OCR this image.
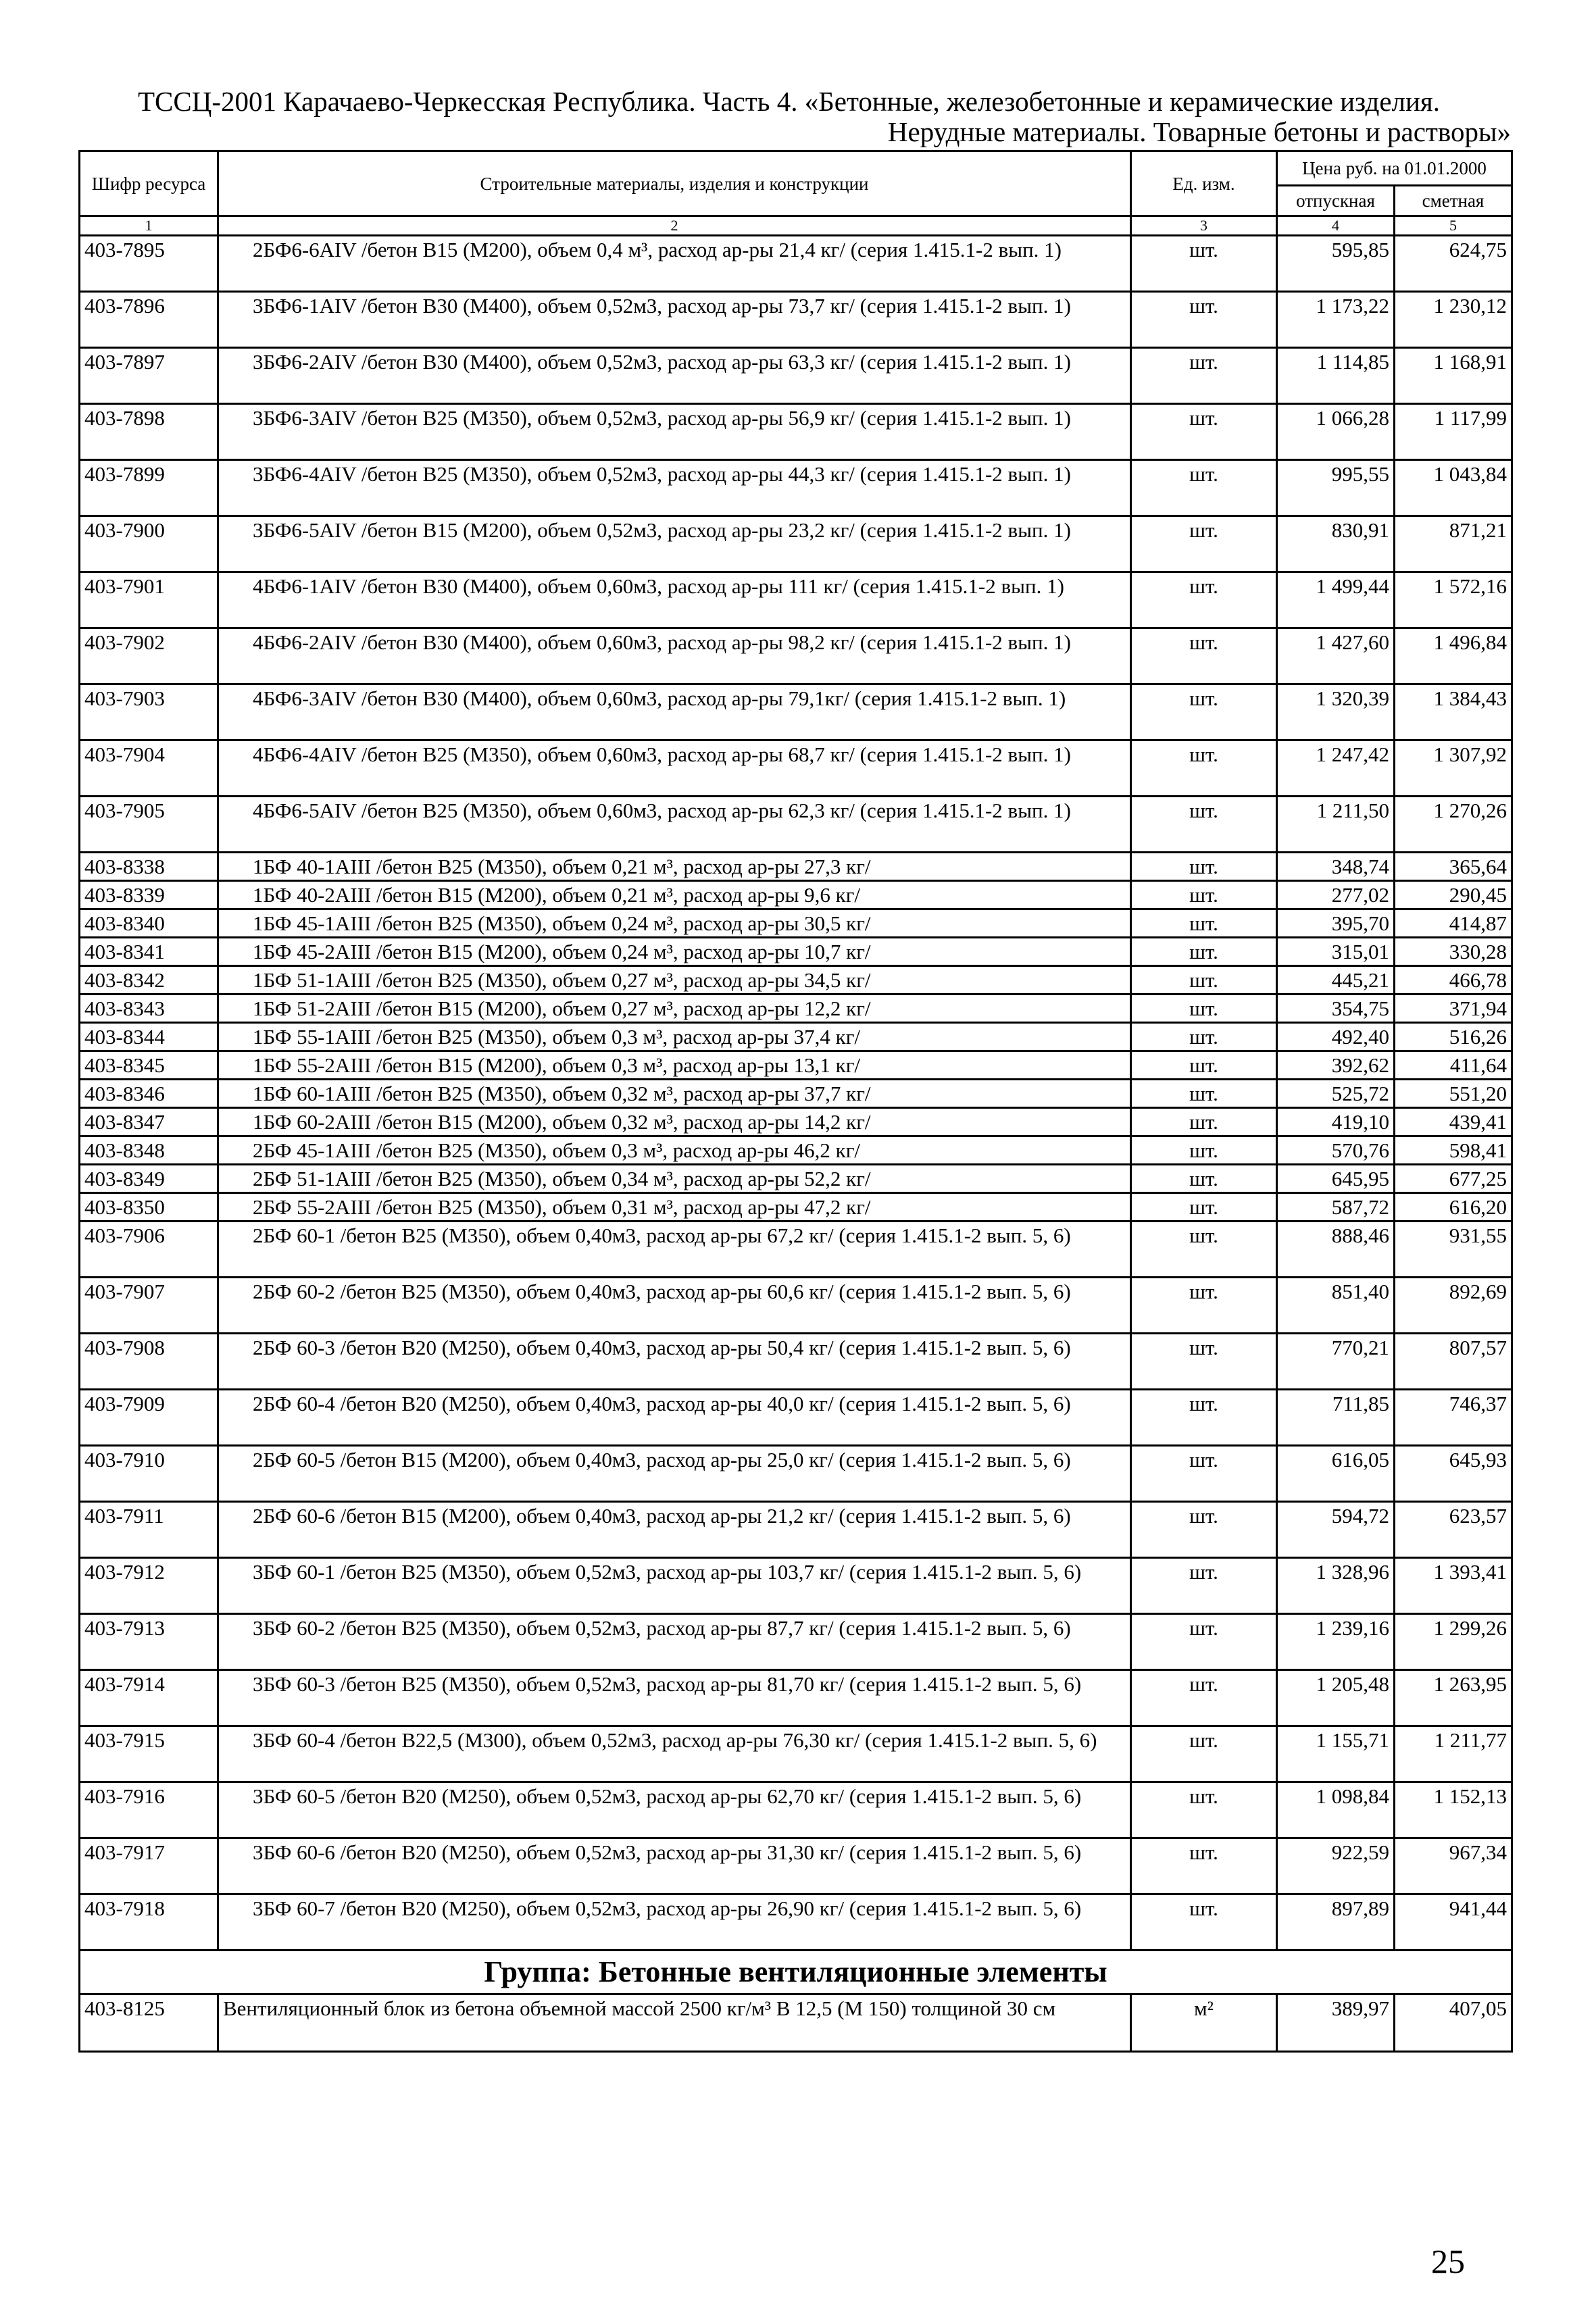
ТССЦ-2001 Карачаево-Черкесская Республика. Часть 4. «Бетонные, железобетонные и керамические изделия.
Нерудные материалы. Товарные бетоны и растворы»
Шифр ресурса	Строительные материалы, изделия и конструкции	Ед. изм.	Цена руб. на 01.01.2000	
			отпускная	сметная
1	2	3	4	5
403-7895	2БФ6-6AIV /бетон B15 (М200), объем 0,4 м³, расход ар-ры 21,4 кг/ (серия 1.415.1-2 вып. 1)	шт.	595,85	624,75
403-7896	3БФ6-1AIV /бетон B30 (М400), объем 0,52м3, расход ар-ры 73,7 кг/ (серия 1.415.1-2 вып. 1)	шт.	1 173,22	1 230,12
403-7897	3БФ6-2AIV /бетон B30 (М400), объем 0,52м3, расход ар-ры 63,3 кг/ (серия 1.415.1-2 вып. 1)	шт.	1 114,85	1 168,91
403-7898	3БФ6-3AIV /бетон B25 (М350), объем 0,52м3, расход ар-ры 56,9 кг/ (серия 1.415.1-2 вып. 1)	шт.	1 066,28	1 117,99
403-7899	3БФ6-4AIV /бетон B25 (М350), объем 0,52м3, расход ар-ры 44,3 кг/ (серия 1.415.1-2 вып. 1)	шт.	995,55	1 043,84
403-7900	3БФ6-5AIV /бетон B15 (М200), объем 0,52м3, расход ар-ры 23,2 кг/ (серия 1.415.1-2 вып. 1)	шт.	830,91	871,21
403-7901	4БФ6-1AIV /бетон B30 (М400), объем 0,60м3, расход ар-ры 111 кг/ (серия 1.415.1-2 вып. 1)	шт.	1 499,44	1 572,16
403-7902	4БФ6-2AIV /бетон B30 (М400), объем 0,60м3, расход ар-ры 98,2 кг/ (серия 1.415.1-2 вып. 1)	шт.	1 427,60	1 496,84
403-7903	4БФ6-3AIV /бетон B30 (М400), объем 0,60м3, расход ар-ры 79,1кг/ (серия 1.415.1-2 вып. 1)	шт.	1 320,39	1 384,43
403-7904	4БФ6-4AIV /бетон B25 (М350), объем 0,60м3, расход ар-ры 68,7 кг/ (серия 1.415.1-2 вып. 1)	шт.	1 247,42	1 307,92
403-7905	4БФ6-5AIV /бетон B25 (М350), объем 0,60м3, расход ар-ры 62,3 кг/ (серия 1.415.1-2 вып. 1)	шт.	1 211,50	1 270,26
403-8338	1БФ 40-1АIII /бетон B25 (М350), объем 0,21 м³, расход ар-ры 27,3 кг/	шт.	348,74	365,64
403-8339	1БФ 40-2АIII /бетон B15 (М200), объем 0,21 м³, расход ар-ры 9,6 кг/	шт.	277,02	290,45
403-8340	1БФ 45-1АIII /бетон B25 (М350), объем 0,24 м³, расход ар-ры 30,5 кг/	шт.	395,70	414,87
403-8341	1БФ 45-2АIII /бетон B15 (М200), объем 0,24 м³, расход ар-ры 10,7 кг/	шт.	315,01	330,28
403-8342	1БФ 51-1АIII /бетон B25 (М350), объем 0,27 м³, расход ар-ры 34,5 кг/	шт.	445,21	466,78
403-8343	1БФ 51-2АIII /бетон B15 (М200), объем 0,27 м³, расход ар-ры 12,2 кг/	шт.	354,75	371,94
403-8344	1БФ 55-1АIII /бетон B25 (М350), объем 0,3 м³, расход ар-ры 37,4 кг/	шт.	492,40	516,26
403-8345	1БФ 55-2АIII /бетон B15 (М200), объем 0,3 м³, расход ар-ры 13,1 кг/	шт.	392,62	411,64
403-8346	1БФ 60-1АIII /бетон B25 (М350), объем 0,32 м³, расход ар-ры 37,7 кг/	шт.	525,72	551,20
403-8347	1БФ 60-2АIII /бетон B15 (М200), объем 0,32 м³, расход ар-ры 14,2 кг/	шт.	419,10	439,41
403-8348	2БФ 45-1АIII /бетон B25 (М350), объем 0,3 м³, расход ар-ры 46,2 кг/	шт.	570,76	598,41
403-8349	2БФ 51-1АIII /бетон B25 (М350), объем 0,34 м³, расход ар-ры 52,2 кг/	шт.	645,95	677,25
403-8350	2БФ 55-2АIII /бетон B25 (М350), объем 0,31 м³, расход ар-ры 47,2 кг/	шт.	587,72	616,20
403-7906	2БФ 60-1 /бетон B25 (М350), объем 0,40м3, расход ар-ры 67,2 кг/ (серия 1.415.1-2 вып. 5, 6)	шт.	888,46	931,55
403-7907	2БФ 60-2 /бетон B25 (М350), объем 0,40м3, расход ар-ры 60,6 кг/ (серия 1.415.1-2 вып. 5, 6)	шт.	851,40	892,69
403-7908	2БФ 60-3 /бетон B20 (М250), объем 0,40м3, расход ар-ры 50,4 кг/ (серия 1.415.1-2 вып. 5, 6)	шт.	770,21	807,57
403-7909	2БФ 60-4 /бетон B20 (М250), объем 0,40м3, расход ар-ры 40,0 кг/ (серия 1.415.1-2 вып. 5, 6)	шт.	711,85	746,37
403-7910	2БФ 60-5 /бетон B15 (М200), объем 0,40м3, расход ар-ры 25,0 кг/ (серия 1.415.1-2 вып. 5, 6)	шт.	616,05	645,93
403-7911	2БФ 60-6 /бетон B15 (М200), объем 0,40м3, расход ар-ры 21,2 кг/ (серия 1.415.1-2 вып. 5, 6)	шт.	594,72	623,57
403-7912	3БФ 60-1 /бетон B25 (М350), объем 0,52м3, расход ар-ры 103,7 кг/ (серия 1.415.1-2 вып. 5, 6)	шт.	1 328,96	1 393,41
403-7913	3БФ 60-2 /бетон B25 (М350), объем 0,52м3, расход ар-ры 87,7 кг/ (серия 1.415.1-2 вып. 5, 6)	шт.	1 239,16	1 299,26
403-7914	3БФ 60-3 /бетон B25 (М350), объем 0,52м3, расход ар-ры 81,70 кг/ (серия 1.415.1-2 вып. 5, 6)	шт.	1 205,48	1 263,95
403-7915	3БФ 60-4 /бетон B22,5 (М300), объем 0,52м3, расход ар-ры 76,30 кг/ (серия 1.415.1-2 вып. 5, 6)	шт.	1 155,71	1 211,77
403-7916	3БФ 60-5 /бетон B20 (М250), объем 0,52м3, расход ар-ры 62,70 кг/ (серия 1.415.1-2 вып. 5, 6)	шт.	1 098,84	1 152,13
403-7917	3БФ 60-6 /бетон B20 (М250), объем 0,52м3, расход ар-ры 31,30 кг/ (серия 1.415.1-2 вып. 5, 6)	шт.	922,59	967,34
403-7918	3БФ 60-7 /бетон B20 (М250), объем 0,52м3, расход ар-ры 26,90 кг/ (серия 1.415.1-2 вып. 5, 6)	шт.	897,89	941,44
Группа: Бетонные вентиляционные элементы				
403-8125	Вентиляционный блок из бетона объемной массой 2500 кг/м³ В 12,5 (М 150) толщиной 30 см	м²	389,97	407,05
25
